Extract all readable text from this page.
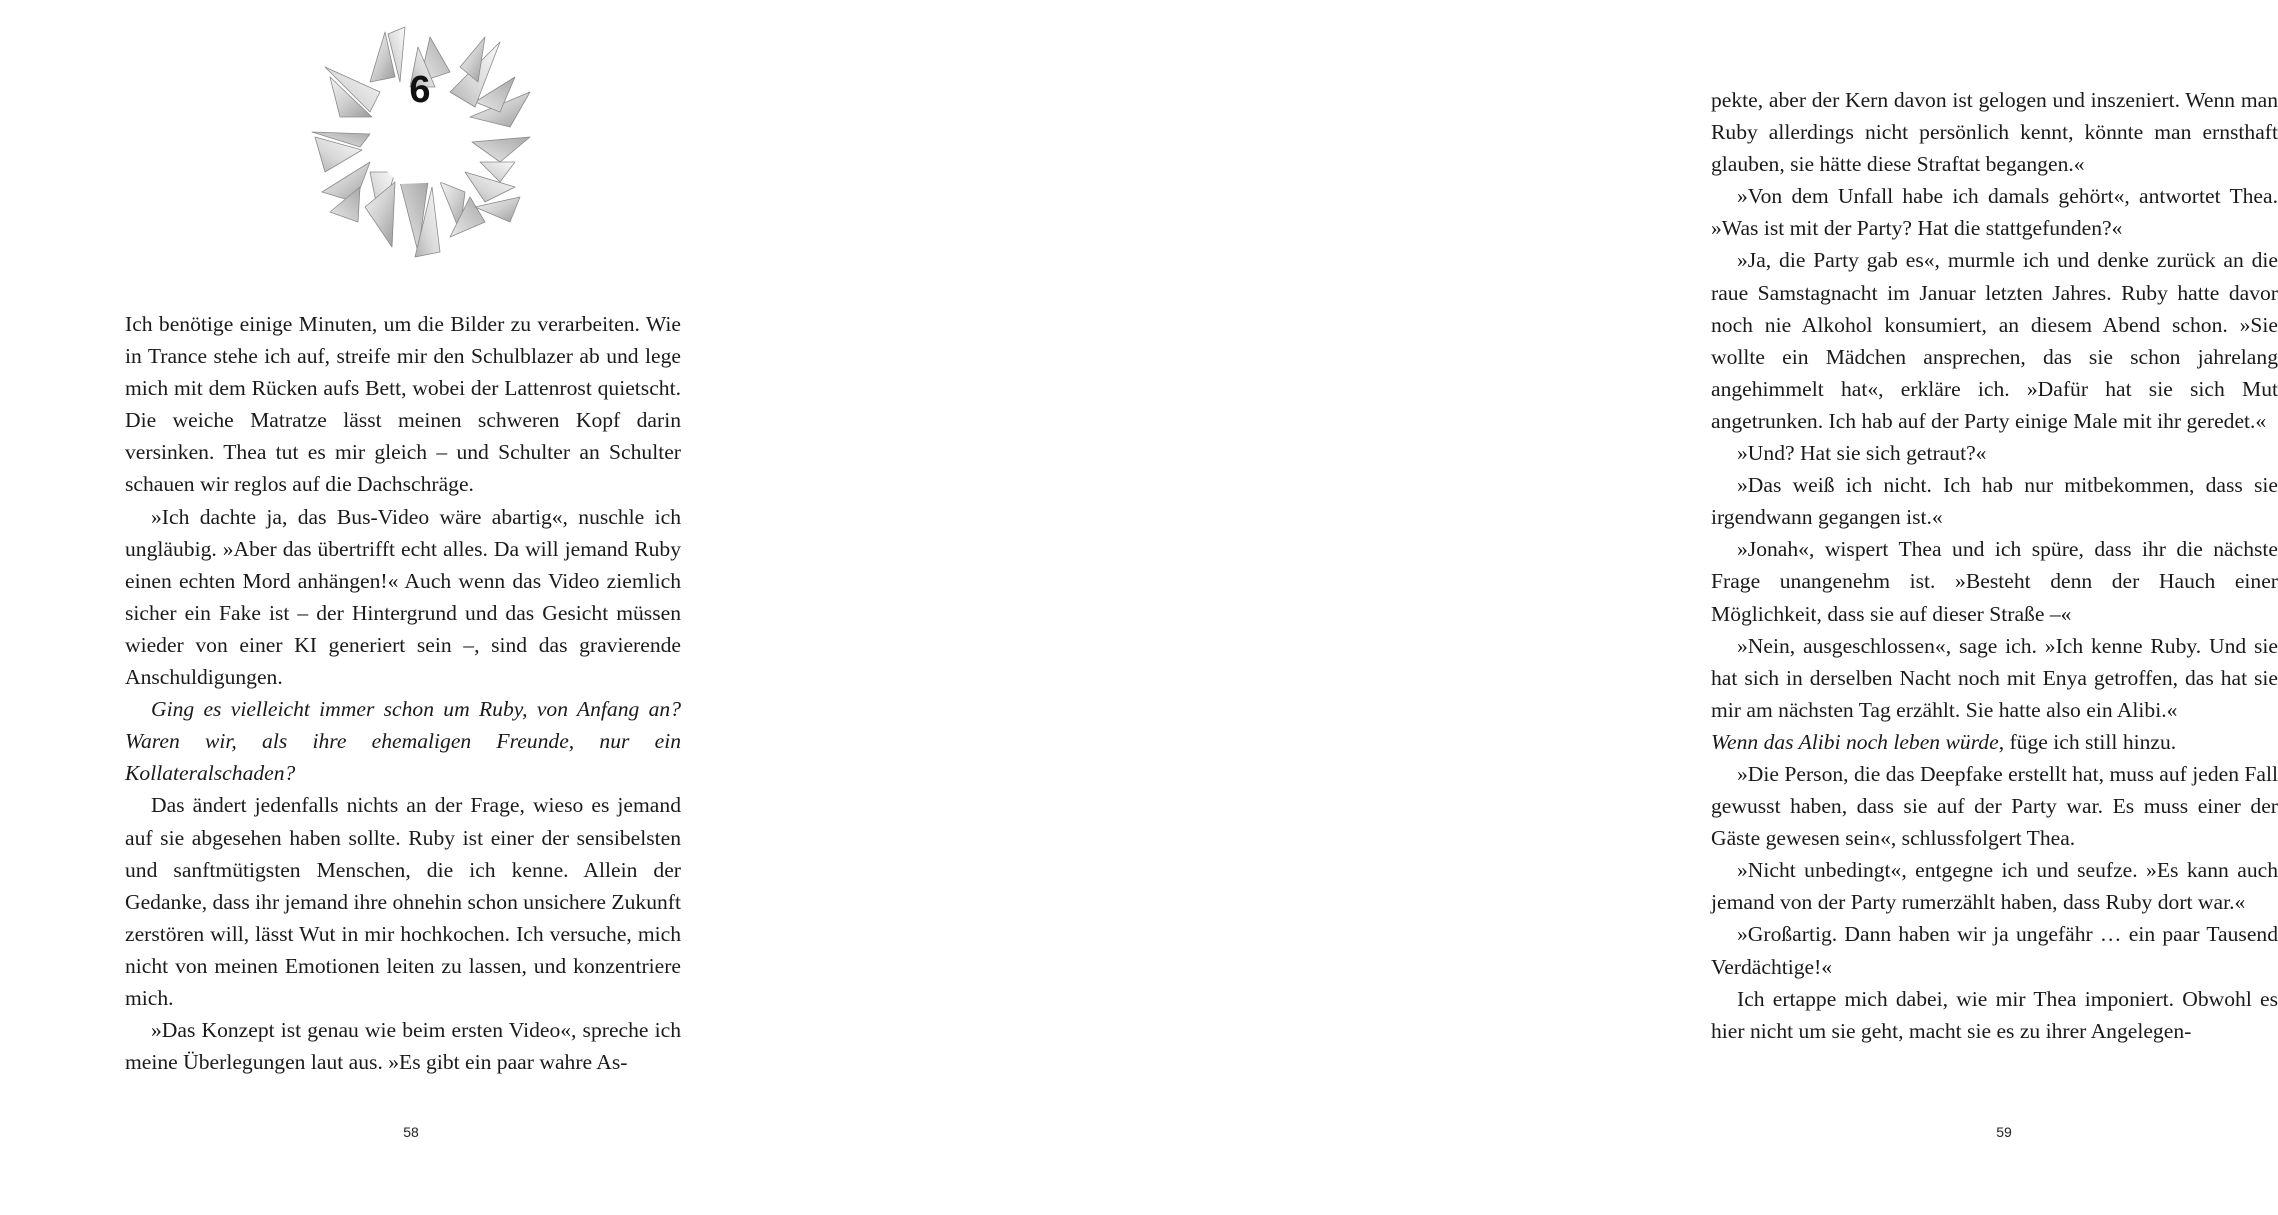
6

Ich benötige einige Minuten, um die Bilder zu verarbeiten. Wie in Trance stehe ich auf, streife mir den Schulblazer ab und lege mich mit dem Rücken aufs Bett, wobei der Lattenrost quietscht. Die weiche Matratze lässt meinen schweren Kopf darin versinken. Thea tut es mir gleich – und Schulter an Schulter schauen wir reglos auf die Dachschräge.

»Ich dachte ja, das Bus-Video wäre abartig«, nuschle ich ungläubig. »Aber das übertrifft echt alles. Da will jemand Ruby einen echten Mord anhängen!« Auch wenn das Video ziemlich sicher ein Fake ist – der Hintergrund und das Gesicht müssen wieder von einer KI generiert sein –, sind das gravierende Anschuldigungen.

Ging es vielleicht immer schon um Ruby, von Anfang an? Waren wir, als ihre ehemaligen Freunde, nur ein Kollateralschaden?

Das ändert jedenfalls nichts an der Frage, wieso es jemand auf sie abgesehen haben sollte. Ruby ist einer der sensibelsten und sanftmütigsten Menschen, die ich kenne. Allein der Gedanke, dass ihr jemand ihre ohnehin schon unsichere Zukunft zerstören will, lässt Wut in mir hochkochen. Ich versuche, mich nicht von meinen Emotionen leiten zu lassen, und konzentriere mich.

»Das Konzept ist genau wie beim ersten Video«, spreche ich meine Überlegungen laut aus. »Es gibt ein paar wahre As-

58

pekte, aber der Kern davon ist gelogen und inszeniert. Wenn man Ruby allerdings nicht persönlich kennt, könnte man ernsthaft glauben, sie hätte diese Straftat begangen.«

»Von dem Unfall habe ich damals gehört«, antwortet Thea. »Was ist mit der Party? Hat die stattgefunden?«

»Ja, die Party gab es«, murmle ich und denke zurück an die raue Samstagnacht im Januar letzten Jahres. Ruby hatte davor noch nie Alkohol konsumiert, an diesem Abend schon. »Sie wollte ein Mädchen ansprechen, das sie schon jahrelang angehimmelt hat«, erkläre ich. »Dafür hat sie sich Mut angetrunken. Ich hab auf der Party einige Male mit ihr geredet.«

»Und? Hat sie sich getraut?«

»Das weiß ich nicht. Ich hab nur mitbekommen, dass sie irgendwann gegangen ist.«

»Jonah«, wispert Thea und ich spüre, dass ihr die nächste Frage unangenehm ist. »Besteht denn der Hauch einer Möglichkeit, dass sie auf dieser Straße –«

»Nein, ausgeschlossen«, sage ich. »Ich kenne Ruby. Und sie hat sich in derselben Nacht noch mit Enya getroffen, das hat sie mir am nächsten Tag erzählt. Sie hatte also ein Alibi.«

Wenn das Alibi noch leben würde, füge ich still hinzu.

»Die Person, die das Deepfake erstellt hat, muss auf jeden Fall gewusst haben, dass sie auf der Party war. Es muss einer der Gäste gewesen sein«, schlussfolgert Thea.

»Nicht unbedingt«, entgegne ich und seufze. »Es kann auch jemand von der Party rumerzählt haben, dass Ruby dort war.«

»Großartig. Dann haben wir ja ungefähr … ein paar Tausend Verdächtige!«

Ich ertappe mich dabei, wie mir Thea imponiert. Obwohl es hier nicht um sie geht, macht sie es zu ihrer Angelegen-

59
